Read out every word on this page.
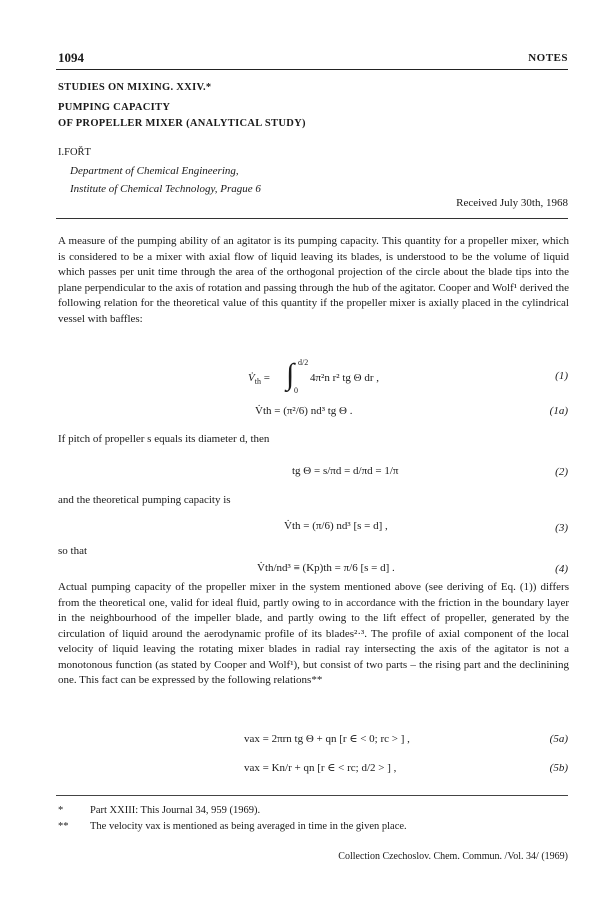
1094	NOTES
STUDIES ON MIXING. XXIV.*
PUMPING CAPACITY
OF PROPELLER MIXER (ANALYTICAL STUDY)
I.FOŘT
Department of Chemical Engineering,
Institute of Chemical Technology, Prague 6
Received July 30th, 1968
A measure of the pumping ability of an agitator is its pumping capacity. This quantity for a propeller mixer, which is considered to be a mixer with axial flow of liquid leaving its blades, is understood to be the volume of liquid which passes per unit time through the area of the orthogonal projection of the circle about the blade tips into the plane perpendicular to the axis of rotation and passing through the hub of the agitator. Cooper and Wolf¹ derived the following relation for the theoretical value of this quantity if the propeller mixer is axially placed in the cylindrical vessel with baffles:
$V̇_{th}$ = ∫ d/2
0
4π²n r² tg Θ dr ,	(1)
V̇th = (π²/6) nd³ tg Θ .	(1a)
If pitch of propeller s equals its diameter d, then
tg Θ = s/πd = d/πd = 1/π	(2)
and the theoretical pumping capacity is
V̇th = (π/6) nd³ [s = d] ,	(3)
so that
V̇th/nd³ ≡ (Kp)th = π/6 [s = d] .	(4)
Actual pumping capacity of the propeller mixer in the system mentioned above (see deriving of Eq. (1)) differs from the theoretical one, valid for ideal fluid, partly owing to in accordance with the friction in the boundary layer in the neighbourhood of the impeller blade, and partly owing to the lift effect of propeller, generated by the circulation of liquid around the aerodynamic profile of its blades²·³. The profile of axial component of the local velocity of liquid leaving the rotating mixer blades in radial ray intersecting the axis of the agitator is not a monotonous function (as stated by Cooper and Wolf¹), but consist of two parts – the rising part and the declinining one. This fact can be expressed by the following relations**
vax = 2πrn tg Θ + qn [r ∈ < 0; rc > ] ,	(5a)
vax = Kn/r + qn [r ∈ < rc; d/2 > ] ,	(5b)
*	Part XXIII: This Journal 34, 959 (1969).
** The velocity vax is mentioned as being averaged in time in the given place.
Collection Czechoslov. Chem. Commun. /Vol. 34/ (1969)
